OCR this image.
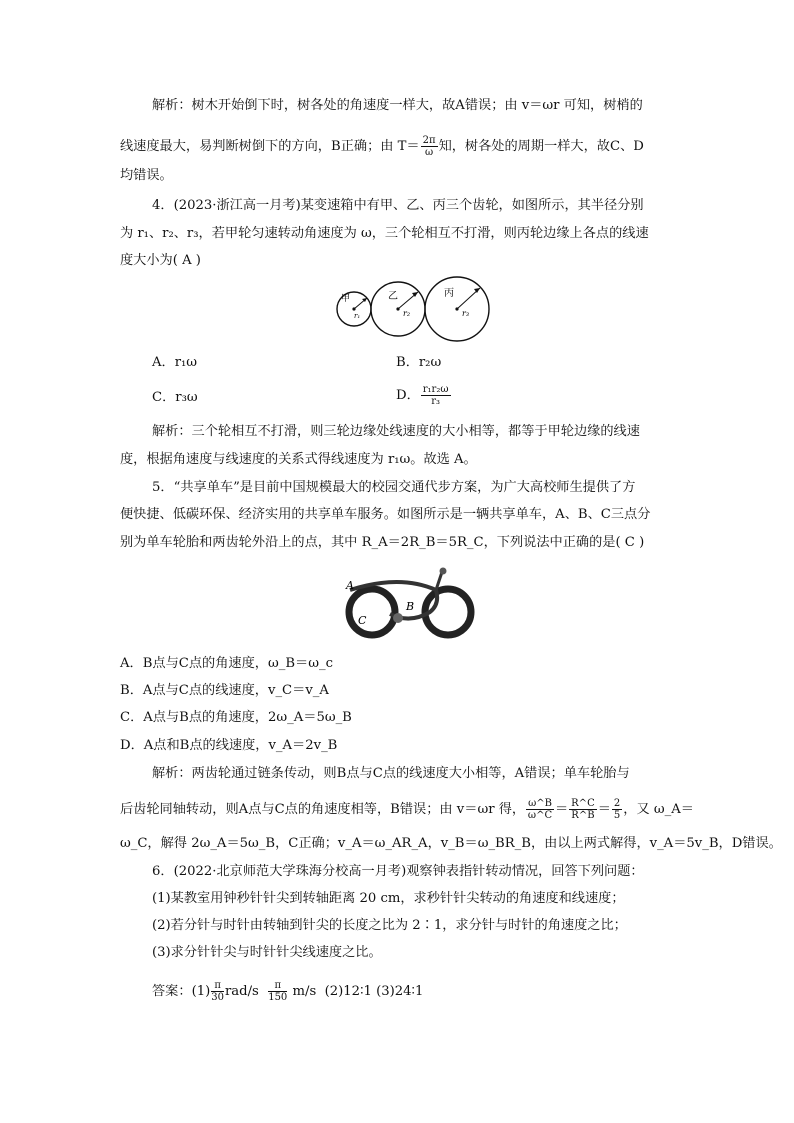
解析：树木开始倒下时，树各处的角速度一样大，故A错误；由 v＝ωr 可知，树梢的
线速度最大，易判断树倒下的方向，B正确；由 $T= \frac{2\pi}{\omega}$ 知，树各处的周期一样大，故C、D
均错误。
4．(2023·浙江高一月考)某变速箱中有甲、乙、丙三个齿轮，如图所示，其半径分别
为 r₁、r₂、r₃，若甲轮匀速转动角速度为 ω，三个轮相互不打滑，则丙轮边缘上各点的线速
度大小为( A )
甲	乙	丙
r₁	r₂	r₃
A．r₁ω	B．r₂ω
C．r₃ω	D． $\frac{\text{r₁r₂ω}}{\text{r₃}}$
解析：三个轮相互不打滑，则三轮边缘处线速度的大小相等，都等于甲轮边缘的线速
度，根据角速度与线速度的关系式得线速度为 r₁ω。故选 A。
5．“共享单车”是目前中国规模最大的校园交通代步方案，为广大高校师生提供了方
便快捷、低碳环保、经济实用的共享单车服务。如图所示是一辆共享单车，A、B、C三点分
别为单车轮胎和两齿轮外沿上的点，其中 R_A＝2R_B＝5R_C，下列说法中正确的是( C )
A
B
C
A．B点与C点的角速度，ω_B＝ω_c
B．A点与C点的线速度，v_C＝v_A
C．A点与B点的角速度，2ω_A＝5ω_B
D．A点和B点的线速度，v_A＝2v_B
解析：两齿轮通过链条传动，则B点与C点的线速度大小相等，A错误；单车轮胎与
后齿轮同轴转动，则A点与C点的角速度相等，B错误；由 v＝ωr 得， $\frac{\omega\^{}B}{\omega\^{}C} = \frac{R\^{}C}{R\^{}B} = \frac{2}{5}$ ，又 ω_A＝
ω_C，解得 2ω_A＝5ω_B，C正确；v_A＝ω_AR_A，v_B＝ω_BR_B，由以上两式解得，v_A＝5v_B，D错误。
6．(2022·北京师范大学珠海分校高一月考)观察钟表指针转动情况，回答下列问题：
(1)某教室用钟秒针针尖到转轴距离 20 cm，求秒针针尖转动的角速度和线速度；
(2)若分针与时针由转轴到针尖的长度之比为 2∶1，求分针与时针的角速度之比；
(3)求分针针尖与时针针尖线速度之比。
答案：$(1) \frac{\pi}{30} rad/s \frac{\pi}{150} m/s$ (2)12∶1 (3)24∶1
